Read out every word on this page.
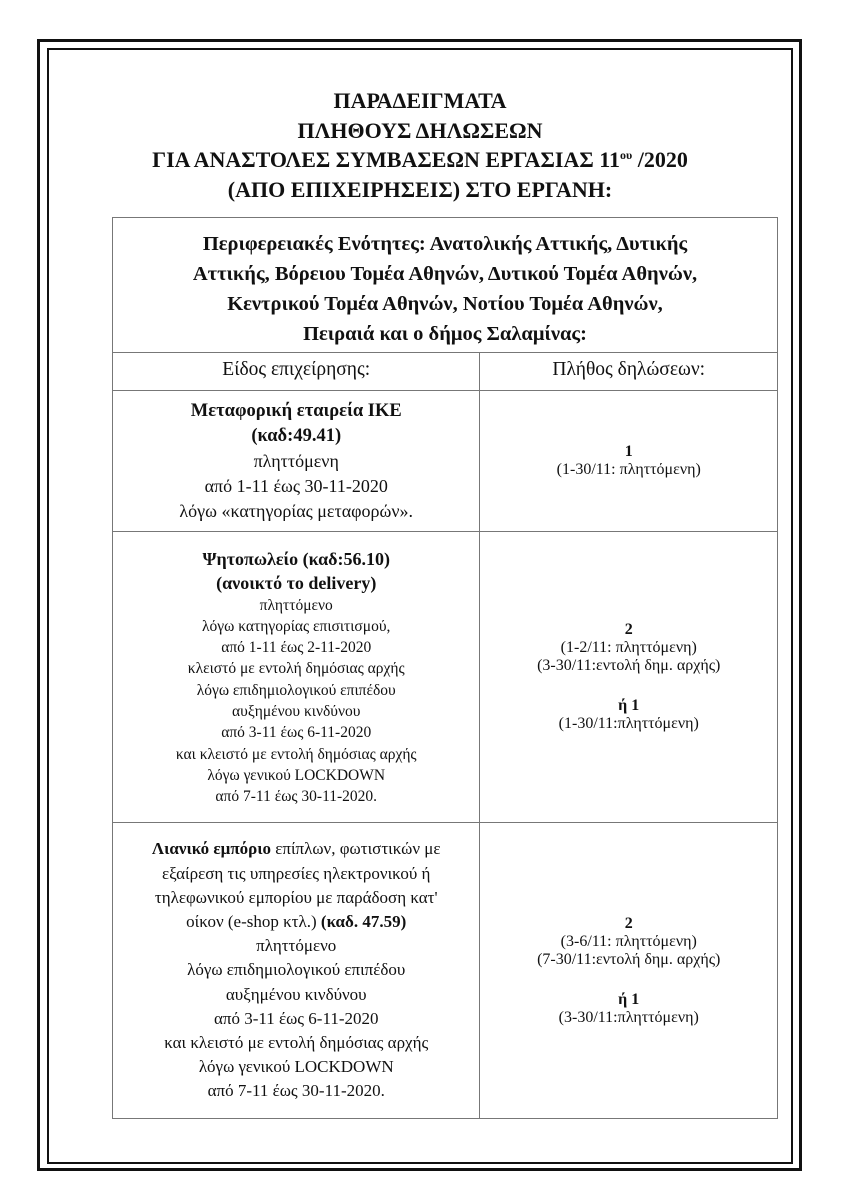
ΠΑΡΑΔΕΙΓΜΑΤΑ
ΠΛΗΘΟΥΣ ΔΗΛΩΣΕΩΝ
ΓΙΑ ΑΝΑΣΤΟΛΕΣ ΣΥΜΒΑΣΕΩΝ ΕΡΓΑΣΙΑΣ $11^{o\upsilon}$ /2020
(ΑΠΟ ΕΠΙΧΕΙΡΗΣΕΙΣ) ΣΤΟ ΕΡΓΑΝΗ:
Περιφερειακές Ενότητες: Ανατολικής Αττικής, Δυτικής
Αττικής, Βόρειου Τομέα Αθηνών, Δυτικού Τομέα Αθηνών,
Κεντρικού Τομέα Αθηνών, Νοτίου Τομέα Αθηνών,
Πειραιά και ο δήμος Σαλαμίνας:
Είδος επιχείρησης:	Πλήθος δηλώσεων:
Μεταφορική εταιρεία ΙΚΕ
(καδ:49.41)
πληττόμενη
από 1-11 έως 30-11-2020
λόγω «κατηγορίας μεταφορών».
1
(1-30/11: πληττόμενη)
Ψητοπωλείο (καδ:56.10)
(ανοικτό το delivery)
πληττόμενο
λόγω κατηγορίας επισιτισμού,
από 1-11 έως 2-11-2020
κλειστό με εντολή δημόσιας αρχής
λόγω επιδημιολογικού επιπέδου
αυξημένου κινδύνου
από 3-11 έως 6-11-2020
και κλειστό με εντολή δημόσιας αρχής
λόγω γενικού LOCKDOWN
από 7-11 έως 30-11-2020.
2
(1-2/11: πληττόμενη)
(3-30/11:εντολή δημ. αρχής)
ή 1
(1-30/11:πληττόμενη)
Λιανικό εμπόριο επίπλων, φωτιστικών με
εξαίρεση τις υπηρεσίες ηλεκτρονικού ή
τηλεφωνικού εμπορίου με παράδοση κατ'
οίκον (e-shop κτλ.) (καδ. 47.59)
πληττόμενο
λόγω επιδημιολογικού επιπέδου
αυξημένου κινδύνου
από 3-11 έως 6-11-2020
και κλειστό με εντολή δημόσιας αρχής
λόγω γενικού LOCKDOWN
από 7-11 έως 30-11-2020.
2
(3-6/11: πληττόμενη)
(7-30/11:εντολή δημ. αρχής)
ή 1
(3-30/11:πληττόμενη)
